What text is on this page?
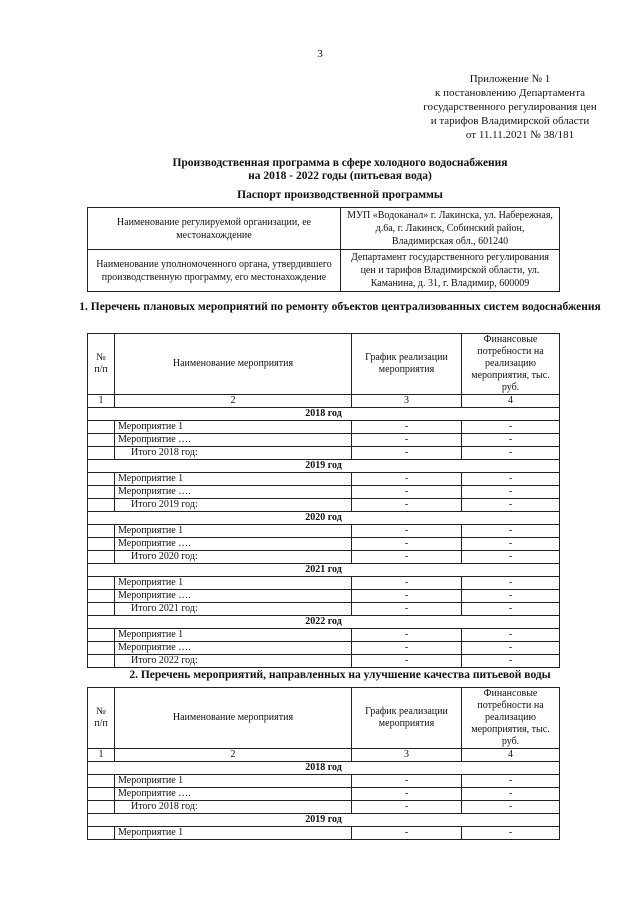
3
Приложение № 1
к постановлению Департамента
государственного регулирования цен
и тарифов Владимирской области
от 11.11.2021 № 38/181
Производственная программа в сфере холодного водоснабжения
на 2018 - 2022 годы (питьевая вода)
Паспорт производственной программы
Наименование регулируемой организации, ее местонахождение	МУП «Водоканал» г. Лакинска, ул. Набережная, д.6а, г. Лакинск, Собинский район, Владимирская обл., 601240
Наименование уполномоченного органа, утвердившего производственную программу, его местонахождение	Департамент государственного регулирования цен и тарифов Владимирской области, ул. Каманина, д. 31, г. Владимир, 600009
1. Перечень плановых мероприятий по ремонту объектов централизованных систем водоснабжения
№ п/п	Наименование мероприятия	График реализации мероприятия	Финансовые потребности на реализацию мероприятия, тыс. руб.
1	2	3	4
2018 год			
	Мероприятие 1	-	-
	Мероприятие ….	-	-
	Итого 2018 год:	-	-
2019 год			
	Мероприятие 1	-	-
	Мероприятие ….	-	-
	Итого 2019 год:	-	-
2020 год			
	Мероприятие 1	-	-
	Мероприятие ….	-	-
	Итого 2020 год:	-	-
2021 год			
	Мероприятие 1	-	-
	Мероприятие ….	-	-
	Итого 2021 год:	-	-
2022 год			
	Мероприятие 1	-	-
	Мероприятие ….	-	-
	Итого 2022 год:	-	-
2. Перечень мероприятий, направленных на улучшение качества питьевой воды
№ п/п	Наименование мероприятия	График реализации мероприятия	Финансовые потребности на реализацию мероприятия, тыс. руб.
1	2	3	4
2018 год			
	Мероприятие 1	-	-
	Мероприятие ….	-	-
	Итого 2018 год:	-	-
2019 год			
	Мероприятие 1	-	-
